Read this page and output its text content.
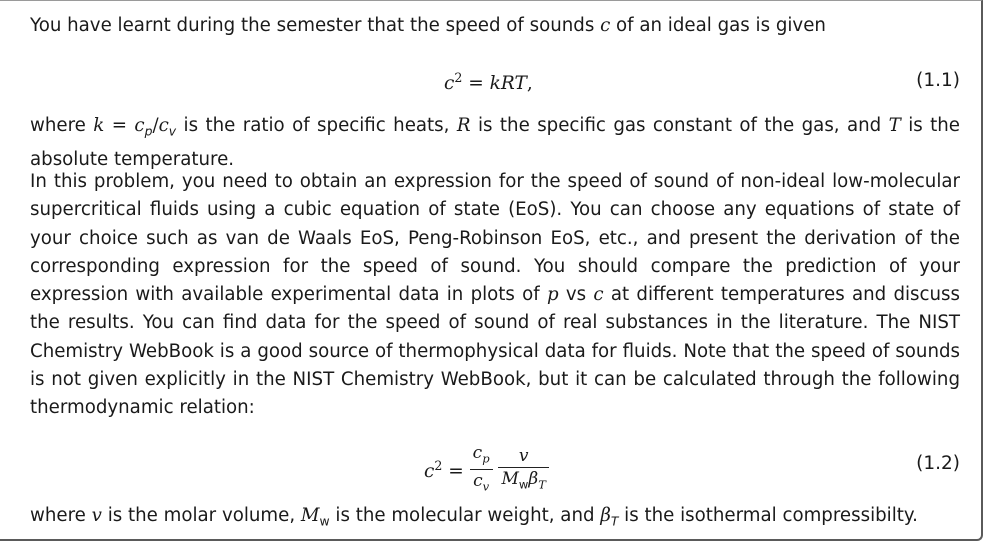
You have learnt during the semester that the speed of sounds c of an ideal gas is given

$c^2$ = kRT,	(1.1)

where $k = c_p/c_v$ is the ratio of specific heats, R is the specific gas constant of the gas, and T is the absolute temperature.

In this problem, you need to obtain an expression for the speed of sound of non-ideal low-molecular supercritical fluids using a cubic equation of state (EoS). You can choose any equations of state of your choice such as van de Waals EoS, Peng-Robinson EoS, etc., and present the derivation of the corresponding expression for the speed of sound. You should compare the prediction of your expression with available experimental data in plots of p vs c at different temperatures and discuss the results. You can find data for the speed of sound of real substances in the literature. The NIST Chemistry WebBook is a good source of thermophysical data for fluids. Note that the speed of sounds is not given explicitly in the NIST Chemistry WebBook, but it can be calculated through the following thermodynamic relation:

$c^2 = \frac{c_p}{c_v}$
$\frac{v}{M_w\beta_T}$	(1.2)

where v is the molar volume, $M_w$ is the molecular weight, and $\beta_T$ is the isothermal compressibilty.
